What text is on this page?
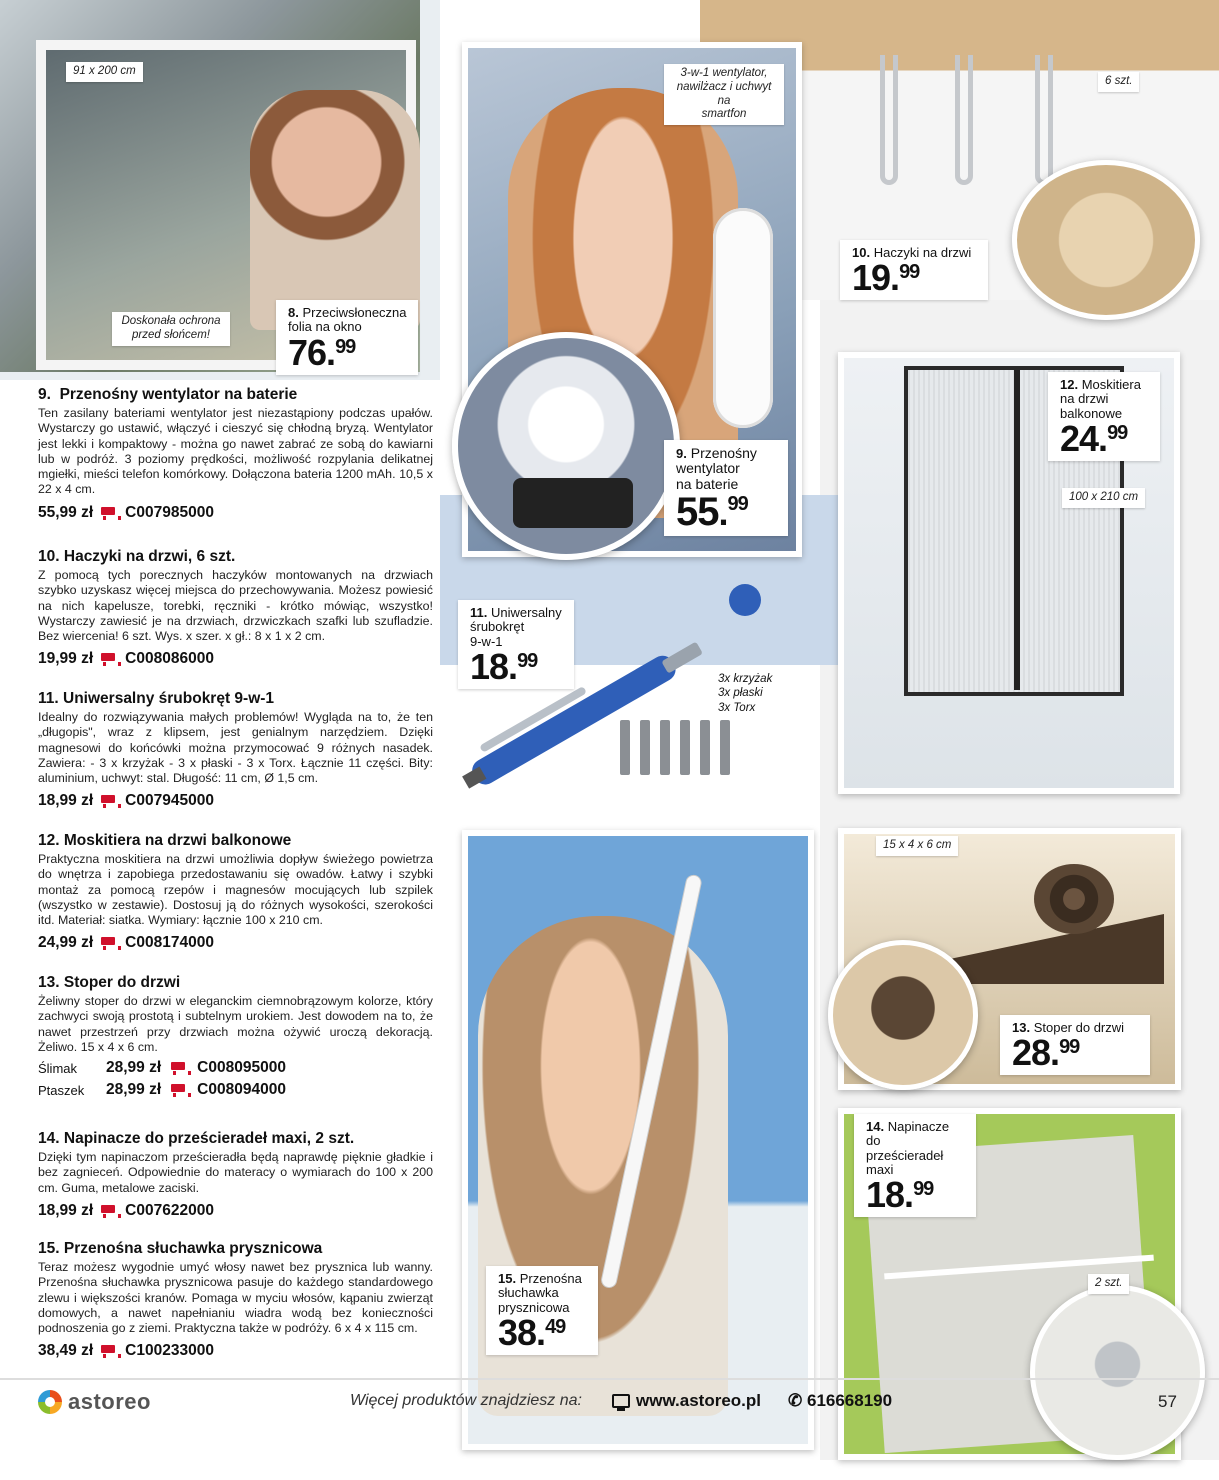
91 x 200 cm
Doskonała ochrona
przed słońcem!
8. Przeciwsłoneczna
folia na okno
76.99
6 szt.
10. Haczyki na drzwi
19.99
3-w-1 wentylator,
nawilżacz i uchwyt na
smartfon
9. Przenośny
wentylator
na baterie
55.99
12. Moskitiera
na drzwi
balkonowe
24.99
100 x 210 cm
11. Uniwersalny
śrubokręt
9-w-1
18.99
3x krzyżak
3x płaski
3x Torx
15 x 4 x 6 cm
13. Stoper do drzwi
28.99
15. Przenośna
słuchawka
prysznicowa
38.49
2 szt.
14. Napinacze do
prześcieradeł
maxi
18.99
9. Przenośny wentylator na baterie

Ten zasilany bateriami wentylator jest niezastąpiony podczas upałów. Wystarczy go ustawić, włączyć i cieszyć się chłodną bryzą. Wentylator jest lekki i kompaktowy - można go nawet zabrać ze sobą do kawiarni lub w podróż. 3 poziomy prędkości, możliwość rozpylania delikatnej mgiełki, mieści telefon komórkowy. Dołączona bateria 1200 mAh. 10,5 x 22 x 4 cm.

55,99 zł C007985000
10. Haczyki na drzwi, 6 szt.

Z pomocą tych porecznych haczyków montowanych na drzwiach szybko uzyskasz więcej miejsca do przechowywania. Możesz powiesić na nich kapelusze, torebki, ręczniki - krótko mówiąc, wszystko! Wystarczy zawiesić je na drzwiach, drzwiczkach szafki lub szufladzie. Bez wiercenia! 6 szt. Wys. x szer. x gł.: 8 x 1 x 2 cm.

19,99 zł C008086000
11. Uniwersalny śrubokręt 9-w-1

Idealny do rozwiązywania małych problemów! Wygląda na to, że ten „długopis", wraz z klipsem, jest genialnym narzędziem. Dzięki magnesowi do końcówki można przymocować 9 różnych nasadek. Zawiera: - 3 x krzyżak - 3 x płaski - 3 x Torx. Łącznie 11 części. Bity: aluminium, uchwyt: stal. Długość: 11 cm, Ø 1,5 cm.

18,99 zł C007945000
12. Moskitiera na drzwi balkonowe

Praktyczna moskitiera na drzwi umożliwia dopływ świeżego powietrza do wnętrza i zapobiega przedostawaniu się owadów. Łatwy i szybki montaż za pomocą rzepów i magnesów mocujących lub szpilek (wszystko w zestawie). Dostosuj ją do różnych wysokości, szerokości itd. Materiał: siatka. Wymiary: łącznie 100 x 210 cm.

24,99 zł C008174000
13. Stoper do drzwi

Żeliwny stoper do drzwi w eleganckim ciemnobrązowym kolorze, który zachwyci swoją prostotą i subtelnym urokiem. Jest dowodem na to, że nawet przestrzeń przy drzwiach można ożywić uroczą dekoracją. Żeliwo. 15 x 4 x 6 cm.

Ślimak	28,99 zł C008095000
Ptaszek	28,99 zł C008094000
14. Napinacze do prześcieradeł maxi, 2 szt.

Dzięki tym napinaczom prześcieradła będą naprawdę pięknie gładkie i bez zagnieceń. Odpowiednie do materacy o wymiarach do 100 x 200 cm. Guma, metalowe zaciski.

18,99 zł C007622000
15. Przenośna słuchawka prysznicowa

Teraz możesz wygodnie umyć włosy nawet bez prysznica lub wanny. Przenośna słuchawka prysznicowa pasuje do każdego standardowego zlewu i większości kranów. Pomaga w myciu włosów, kąpaniu zwierząt domowych, a nawet napełnianiu wiadra wodą bez konieczności podnoszenia go z ziemi. Praktyczna także w podróży. 6 x 4 x 115 cm.

38,49 zł C100233000
astoreo	Więcej produktów znajdziesz na:	www.astoreo.pl ✆ 616668190	57
